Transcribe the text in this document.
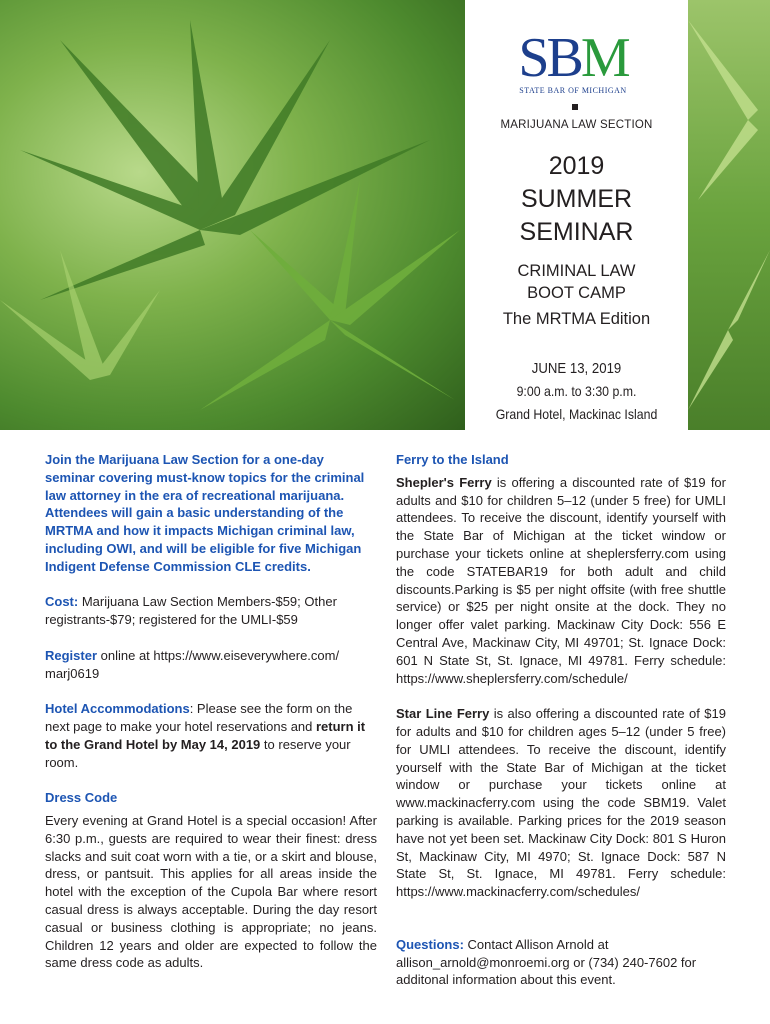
SBM
STATE BAR OF MICHIGAN
MARIJUANA LAW SECTION
2019
SUMMER
SEMINAR
CRIMINAL LAW
BOOT CAMP
The MRTMA Edition
JUNE 13, 2019
9:00 a.m. to 3:30 p.m.
Grand Hotel, Mackinac Island

Join the Marijuana Law Section for a one-day seminar covering must-know topics for the criminal law attorney in the era of recreational marijuana. Attendees will gain a basic understanding of the MRTMA and how it impacts Michigan criminal law, including OWI, and will be eligible for five Michigan Indigent Defense Commission CLE credits.

Cost: Marijuana Law Section Members-$59; Other registrants-$79; registered for the UMLI-$59

Register online at https://www.eiseverywhere.com/ marj0619

Hotel Accommodations: Please see the form on the next page to make your hotel reservations and return it to the Grand Hotel by May 14, 2019 to reserve your room.

Dress Code

Every evening at Grand Hotel is a special occasion! After 6:30 p.m., guests are required to wear their finest: dress slacks and suit coat worn with a tie, or a skirt and blouse, dress, or pantsuit. This applies for all areas inside the hotel with the exception of the Cupola Bar where resort casual dress is always acceptable. During the day resort casual or business clothing is appropriate; no jeans. Children 12 years and older are expected to follow the same dress code as adults.

Ferry to the Island

Shepler's Ferry is offering a discounted rate of $19 for adults and $10 for children 5–12 (under 5 free) for UMLI attendees. To receive the discount, identify yourself with the State Bar of Michigan at the ticket window or purchase your tickets online at sheplersferry.com using the code STATEBAR19 for both adult and child discounts.Parking is $5 per night offsite (with free shuttle service) or $25 per night onsite at the dock. They no longer offer valet parking. Mackinaw City Dock: 556 E Central Ave, Mackinaw City, MI 49701; St. Ignace Dock: 601 N State St, St. Ignace, MI 49781. Ferry schedule: https://www.sheplersferry.com/schedule/

Star Line Ferry is also offering a discounted rate of $19 for adults and $10 for children ages 5–12 (under 5 free) for UMLI attendees. To receive the discount, identify yourself with the State Bar of Michigan at the ticket window or purchase your tickets online at www.mackinacferry.com using the code SBM19. Valet parking is available. Parking prices for the 2019 season have not yet been set. Mackinaw City Dock: 801 S Huron St, Mackinaw City, MI 4970; St. Ignace Dock: 587 N State St, St. Ignace, MI 49781. Ferry schedule: https://www.mackinacferry.com/schedules/

Questions: Contact Allison Arnold at allison_arnold@monroemi.org or (734) 240-7602 for additonal information about this event.
